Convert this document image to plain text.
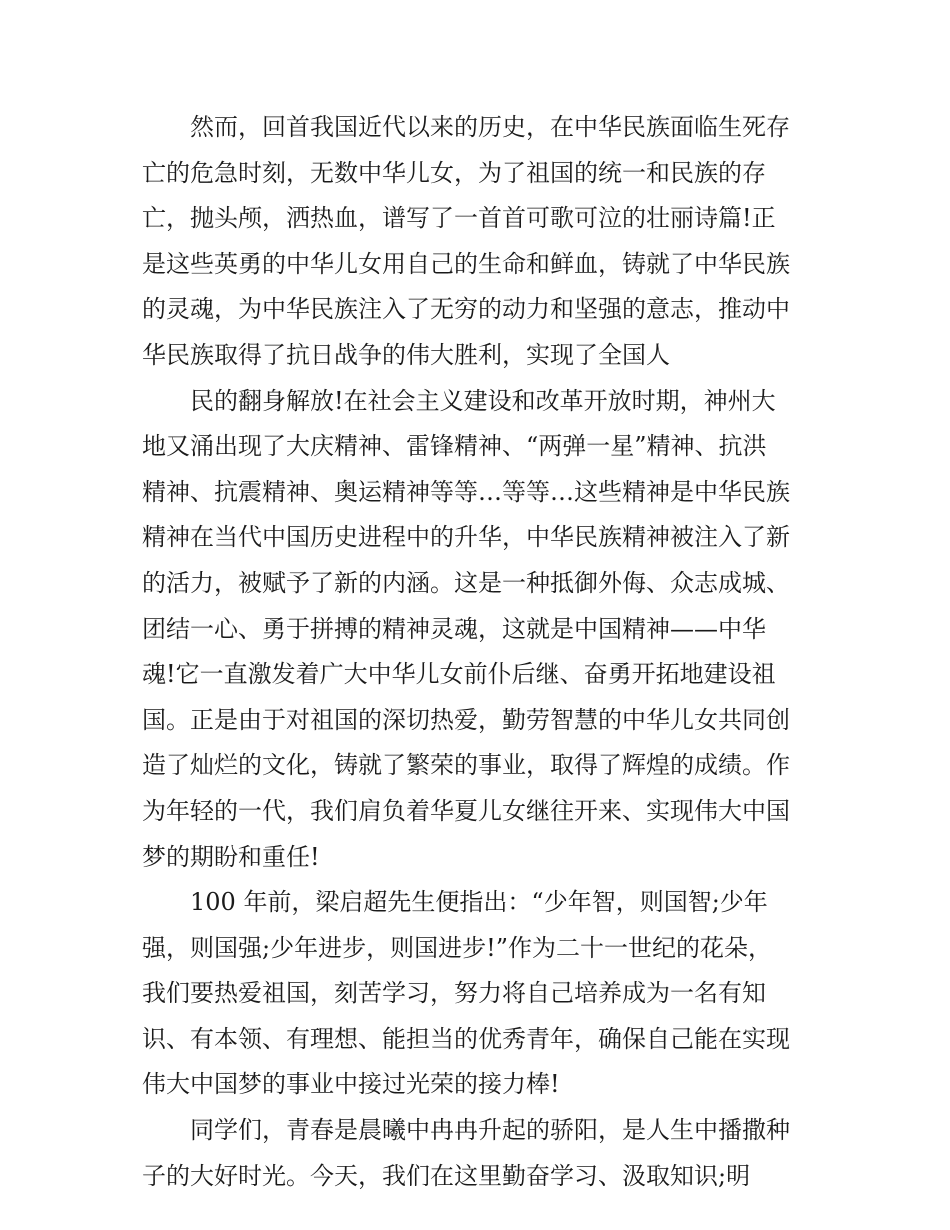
然而，回首我国近代以来的历史，在中华民族面临生死存
亡的危急时刻，无数中华儿女，为了祖国的统一和民族的存
亡，抛头颅，洒热血，谱写了一首首可歌可泣的壮丽诗篇!正
是这些英勇的中华儿女用自己的生命和鲜血，铸就了中华民族
的灵魂，为中华民族注入了无穷的动力和坚强的意志，推动中
华民族取得了抗日战争的伟大胜利，实现了全国人
民的翻身解放!在社会主义建设和改革开放时期，神州大
地又涌出现了大庆精神、雷锋精神、“两弹一星”精神、抗洪
精神、抗震精神、奥运精神等等…等等…这些精神是中华民族
精神在当代中国历史进程中的升华，中华民族精神被注入了新
的活力，被赋予了新的内涵。这是一种抵御外侮、众志成城、
团结一心、勇于拼搏的精神灵魂，这就是中国精神——中华
魂!它一直激发着广大中华儿女前仆后继、奋勇开拓地建设祖
国。正是由于对祖国的深切热爱，勤劳智慧的中华儿女共同创
造了灿烂的文化，铸就了繁荣的事业，取得了辉煌的成绩。作
为年轻的一代，我们肩负着华夏儿女继往开来、实现伟大中国
梦的期盼和重任!
100 年前，梁启超先生便指出：“少年智，则国智;少年
强，则国强;少年进步，则国进步!”作为二十一世纪的花朵，
我们要热爱祖国，刻苦学习，努力将自己培养成为一名有知
识、有本领、有理想、能担当的优秀青年，确保自己能在实现
伟大中国梦的事业中接过光荣的接力棒!
同学们，青春是晨曦中冉冉升起的骄阳，是人生中播撒种
子的大好时光。今天，我们在这里勤奋学习、汲取知识;明
